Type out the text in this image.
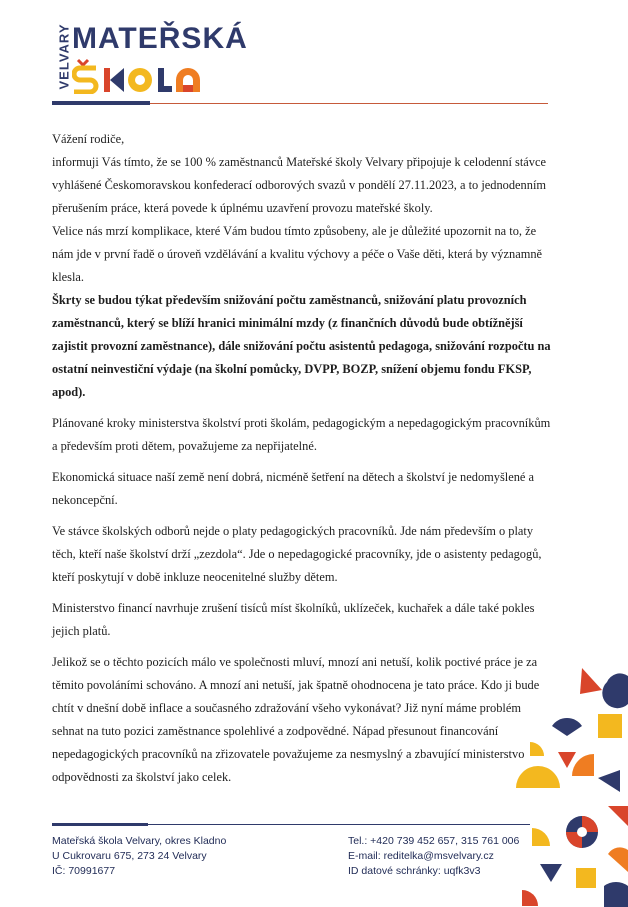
VELVARY MATEŘSKÁ
ŠKOLA

Vážení rodiče,

informuji Vás tímto, že se 100 % zaměstnanců Mateřské školy Velvary připojuje k celodenní stávce vyhlášené Českomoravskou konfederací odborových svazů v pondělí 27.11.2023, a to jednodenním přerušením práce, která povede k úplnému uzavření provozu mateřské školy.

Velice nás mrzí komplikace, které Vám budou tímto způsobeny, ale je důležité upozornit na to, že nám jde v první řadě o úroveň vzdělávání a kvalitu výchovy a péče o Vaše děti, která by významně klesla.

Škrty se budou týkat především snižování počtu zaměstnanců, snižování platu provozních zaměstnanců, který se blíží hranici minimální mzdy (z finančních důvodů bude obtížnější zajistit provozní zaměstnance), dále snižování počtu asistentů pedagoga, snižování rozpočtu na ostatní neinvestiční výdaje (na školní pomůcky, DVPP, BOZP, snížení objemu fondu FKSP, apod).

Plánované kroky ministerstva školství proti školám, pedagogickým a nepedagogickým pracovníkům a především proti dětem, považujeme za nepřijatelné.

Ekonomická situace naší země není dobrá, nicméně šetření na dětech a školství je nedomyšlené a nekoncepční.

Ve stávce školských odborů nejde o platy pedagogických pracovníků. Jde nám především o platy těch, kteří naše školství drží „zezdola“. Jde o nepedagogické pracovníky, jde o asistenty pedagogů, kteří poskytují v době inkluze neocenitelné služby dětem.

Ministerstvo financí navrhuje zrušení tisíců míst školníků, uklízeček, kuchařek a dále také pokles jejich platů.

Jelikož se o těchto pozicích málo ve společnosti mluví, mnozí ani netuší, kolik poctivé práce je za těmito povoláními schováno. A mnozí ani netuší, jak špatně ohodnocena je tato práce. Kdo ji bude chtít v dnešní době inflace a současného zdražování všeho vykonávat? Již nyní máme problém sehnat na tuto pozici zaměstnance spolehlivé a zodpovědné. Nápad přesunout financování nepedagogických pracovníků na zřizovatele považujeme za nesmyslný a zbavující ministerstvo odpovědnosti za školství jako celek.

Mateřská škola Velvary, okres Kladno
U Cukrovaru 675, 273 24 Velvary
IČ: 70991677
Tel.: +420 739 452 657, 315 761 006
E-mail: reditelka@msvelvary.cz
ID datové schránky: uqfk3v3
